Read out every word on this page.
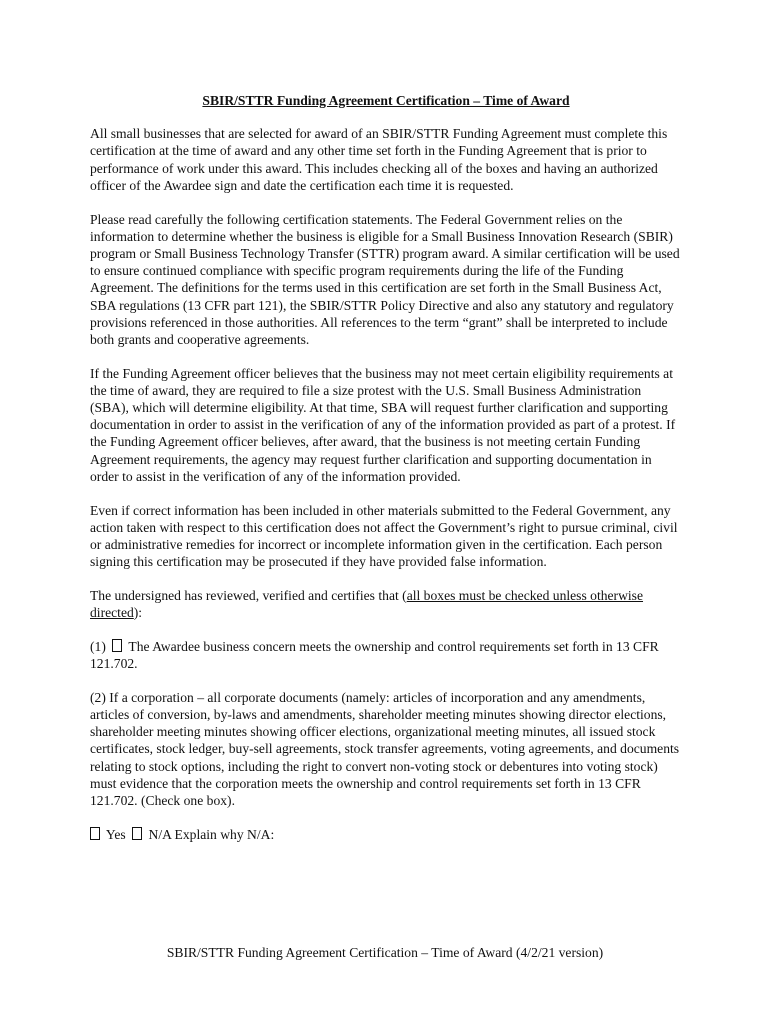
SBIR/STTR Funding Agreement Certification – Time of Award

All small businesses that are selected for award of an SBIR/STTR Funding Agreement must complete this certification at the time of award and any other time set forth in the Funding Agreement that is prior to performance of work under this award. This includes checking all of the boxes and having an authorized officer of the Awardee sign and date the certification each time it is requested.

Please read carefully the following certification statements. The Federal Government relies on the information to determine whether the business is eligible for a Small Business Innovation Research (SBIR) program or Small Business Technology Transfer (STTR) program award. A similar certification will be used to ensure continued compliance with specific program requirements during the life of the Funding Agreement. The definitions for the terms used in this certification are set forth in the Small Business Act, SBA regulations (13 CFR part 121), the SBIR/STTR Policy Directive and also any statutory and regulatory provisions referenced in those authorities. All references to the term “grant” shall be interpreted to include both grants and cooperative agreements.

If the Funding Agreement officer believes that the business may not meet certain eligibility requirements at the time of award, they are required to file a size protest with the U.S. Small Business Administration (SBA), which will determine eligibility. At that time, SBA will request further clarification and supporting documentation in order to assist in the verification of any of the information provided as part of a protest. If the Funding Agreement officer believes, after award, that the business is not meeting certain Funding Agreement requirements, the agency may request further clarification and supporting documentation in order to assist in the verification of any of the information provided.

Even if correct information has been included in other materials submitted to the Federal Government, any action taken with respect to this certification does not affect the Government’s right to pursue criminal, civil or administrative remedies for incorrect or incomplete information given in the certification. Each person signing this certification may be prosecuted if they have provided false information.

The undersigned has reviewed, verified and certifies that (all boxes must be checked unless otherwise directed):

(1) The Awardee business concern meets the ownership and control requirements set forth in 13 CFR 121.702.

(2) If a corporation – all corporate documents (namely: articles of incorporation and any amendments, articles of conversion, by-laws and amendments, shareholder meeting minutes showing director elections, shareholder meeting minutes showing officer elections, organizational meeting minutes, all issued stock certificates, stock ledger, buy-sell agreements, stock transfer agreements, voting agreements, and documents relating to stock options, including the right to convert non-voting stock or debentures into voting stock) must evidence that the corporation meets the ownership and control requirements set forth in 13 CFR 121.702. (Check one box).

Yes N/A Explain why N/A:

SBIR/STTR Funding Agreement Certification – Time of Award (4/2/21 version)
